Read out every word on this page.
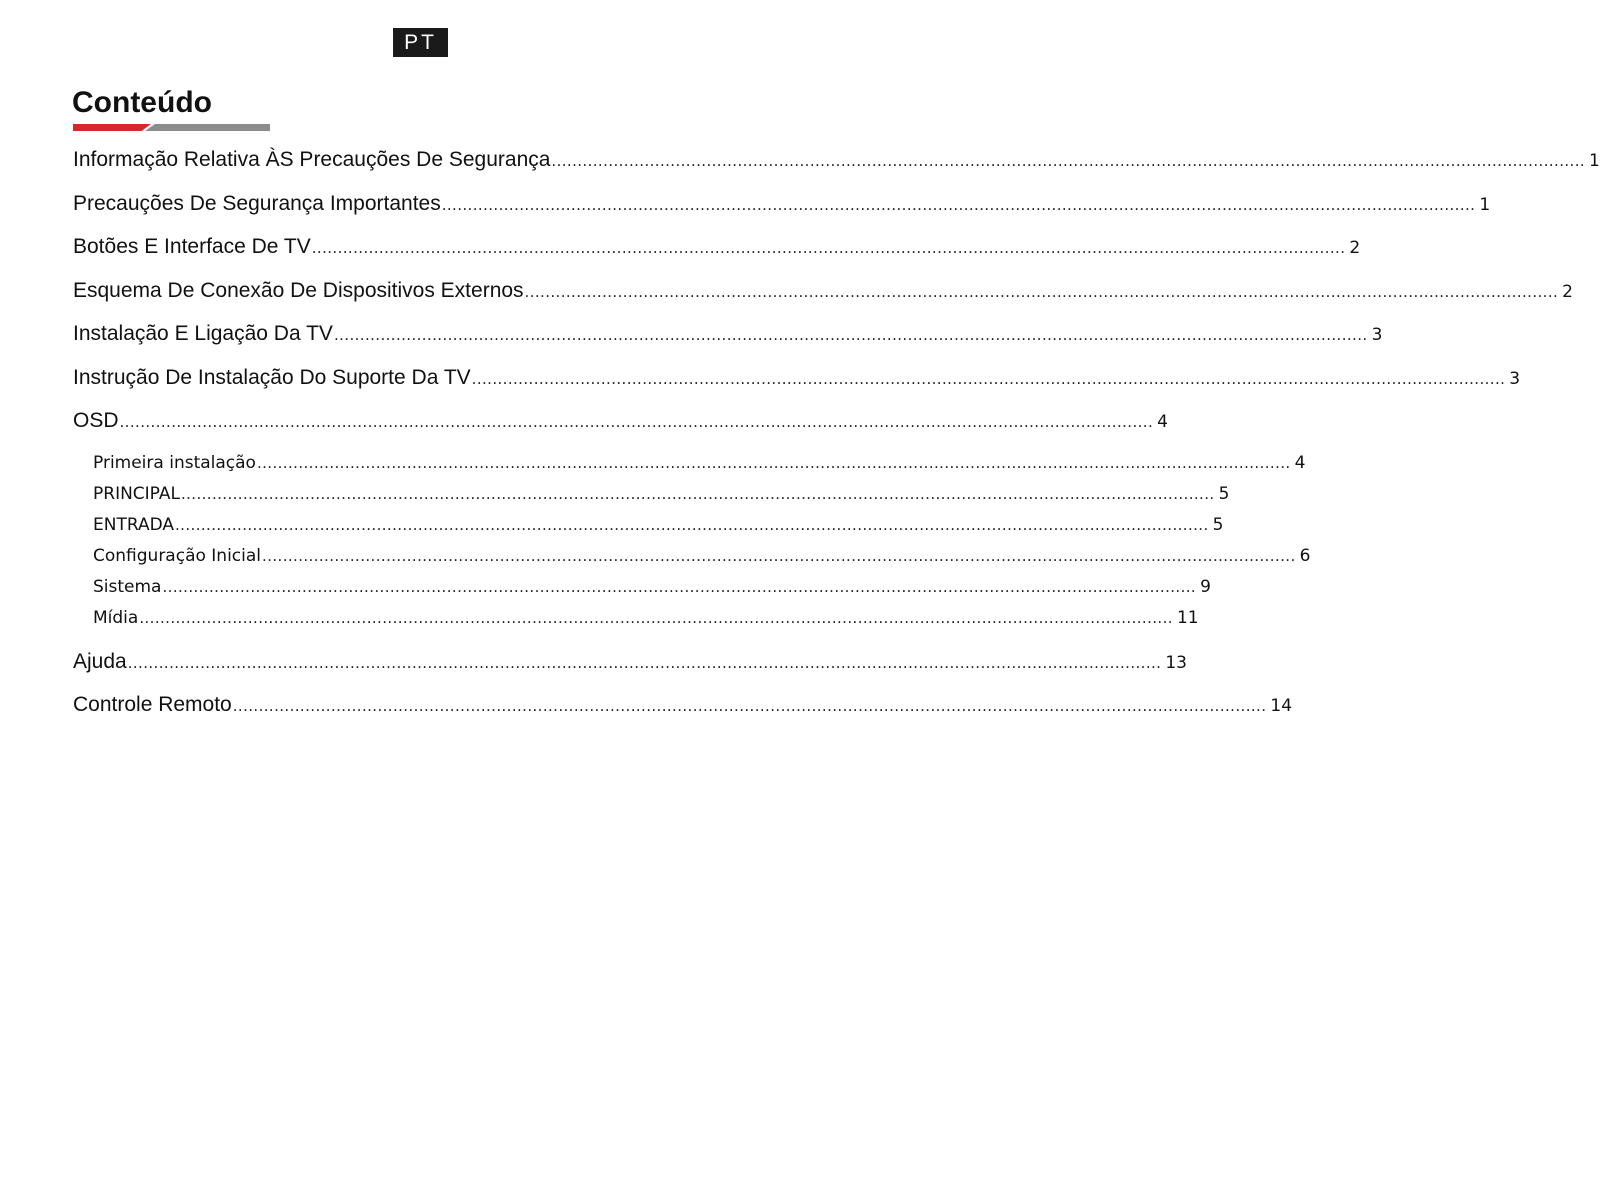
PT
Conteúdo
Informação Relativa ÀS Precauções De Segurança ........................................................................................................................................................................................................ 1
Precauções De Segurança Importantes ........................................................................................................................................................................................................ 1
Botões E Interface De TV ........................................................................................................................................................................................................ 2
Esquema De Conexão De Dispositivos Externos ........................................................................................................................................................................................................ 2
Instalação E Ligação Da TV ........................................................................................................................................................................................................ 3
Instrução De Instalação Do Suporte Da TV ........................................................................................................................................................................................................ 3
OSD ........................................................................................................................................................................................................ 4
Primeira instalação ........................................................................................................................................................................................................ 4
PRINCIPAL ........................................................................................................................................................................................................ 5
ENTRADA ........................................................................................................................................................................................................ 5
Configuração Inicial ........................................................................................................................................................................................................ 6
Sistema ........................................................................................................................................................................................................ 9
Mídia ........................................................................................................................................................................................................ 11
Ajuda ........................................................................................................................................................................................................ 13
Controle Remoto ........................................................................................................................................................................................................ 14
